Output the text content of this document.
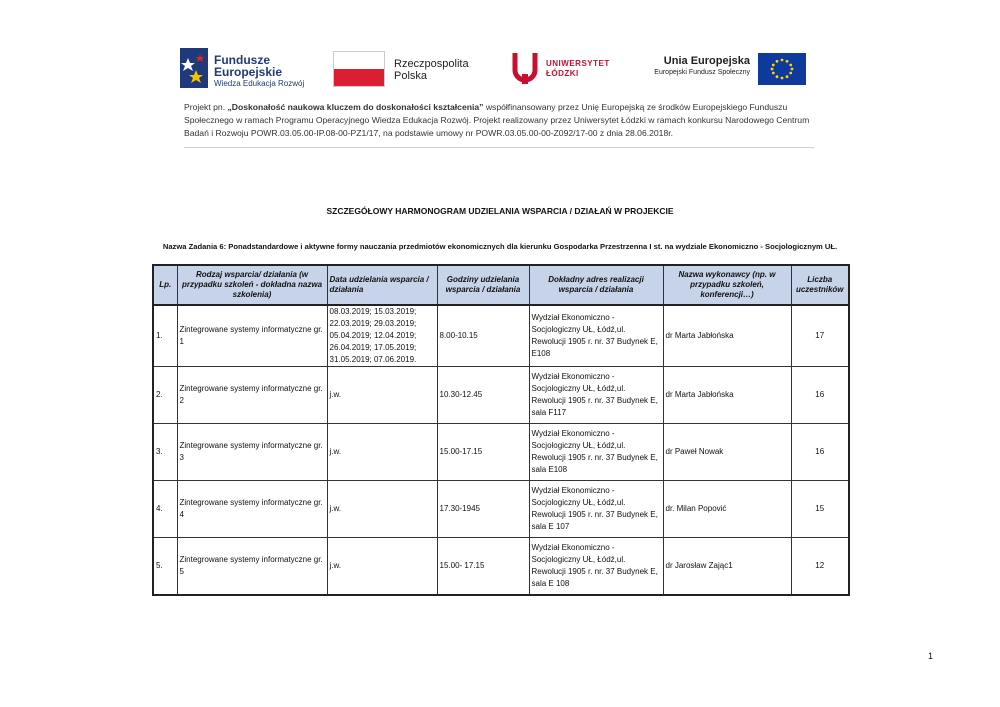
Fundusze
Europejskie
Wiedza Edukacja Rozwój
Rzeczpospolita
Polska
UNIWERSYTET
ŁÓDZKI
Unia Europejska
Europejski Fundusz Społeczny
Projekt pn. „Doskonałość naukowa kluczem do doskonałości kształcenia” współfinansowany przez Unię Europejską ze środków Europejskiego Funduszu Społecznego w ramach Programu Operacyjnego Wiedza Edukacja Rozwój. Projekt realizowany przez Uniwersytet Łódzki w ramach konkursu Narodowego Centrum Badań i Rozwoju POWR.03.05.00-IP.08-00-PZ1/17, na podstawie umowy nr POWR.03.05.00-00-Z092/17-00 z dnia 28.06.2018r.
SZCZEGÓŁOWY HARMONOGRAM UDZIELANIA WSPARCIA / DZIAŁAŃ W PROJEKCIE
Nazwa Zadania 6: Ponadstandardowe i aktywne formy nauczania przedmiotów ekonomicznych dla kierunku Gospodarka Przestrzenna I st. na wydziale Ekonomiczno - Socjologicznym UŁ.
Lp.	Rodzaj wsparcia/ działania (w przypadku szkoleń - dokładna nazwa szkolenia)	Data udzielania wsparcia / działania	Godziny udzielania wsparcia / działania	Dokładny adres realizacji wsparcia / działania	Nazwa wykonawcy (np. w przypadku szkoleń, konferencji…)	Liczba uczestników
1.	Zintegrowane systemy informatyczne gr. 1	08.03.2019; 15.03.2019; 22.03.2019; 29.03.2019; 05.04.2019; 12.04.2019; 26.04.2019; 17.05.2019; 31.05.2019; 07.06.2019.	8.00-10.15	Wydział Ekonomiczno - Socjologiczny UŁ, Łódź,ul. Rewolucji 1905 r. nr. 37 Budynek E, E108	dr Marta Jabłońska	17
2.	Zintegrowane systemy informatyczne gr. 2	j.w.	10.30-12.45	Wydział Ekonomiczno - Socjologiczny UŁ, Łódź,ul. Rewolucji 1905 r. nr. 37 Budynek E, sala F117	dr Marta Jabłońska	16
3.	Zintegrowane systemy informatyczne gr. 3	j.w.	15.00-17.15	Wydział Ekonomiczno - Socjologiczny UŁ, Łódź,ul. Rewolucji 1905 r. nr. 37 Budynek E, sala E108	dr Paweł Nowak	16
4.	Zintegrowane systemy informatyczne gr. 4	j.w.	17.30-1945	Wydział Ekonomiczno - Socjologiczny UŁ, Łódź,ul. Rewolucji 1905 r. nr. 37 Budynek E, sala E 107	dr. Milan Popović	15
5.	Zintegrowane systemy informatyczne gr. 5	j.w.	15.00- 17.15	Wydział Ekonomiczno - Socjologiczny UŁ, Łódź,ul. Rewolucji 1905 r. nr. 37 Budynek E, sala E 108	dr Jarosław Zając1	12
1
